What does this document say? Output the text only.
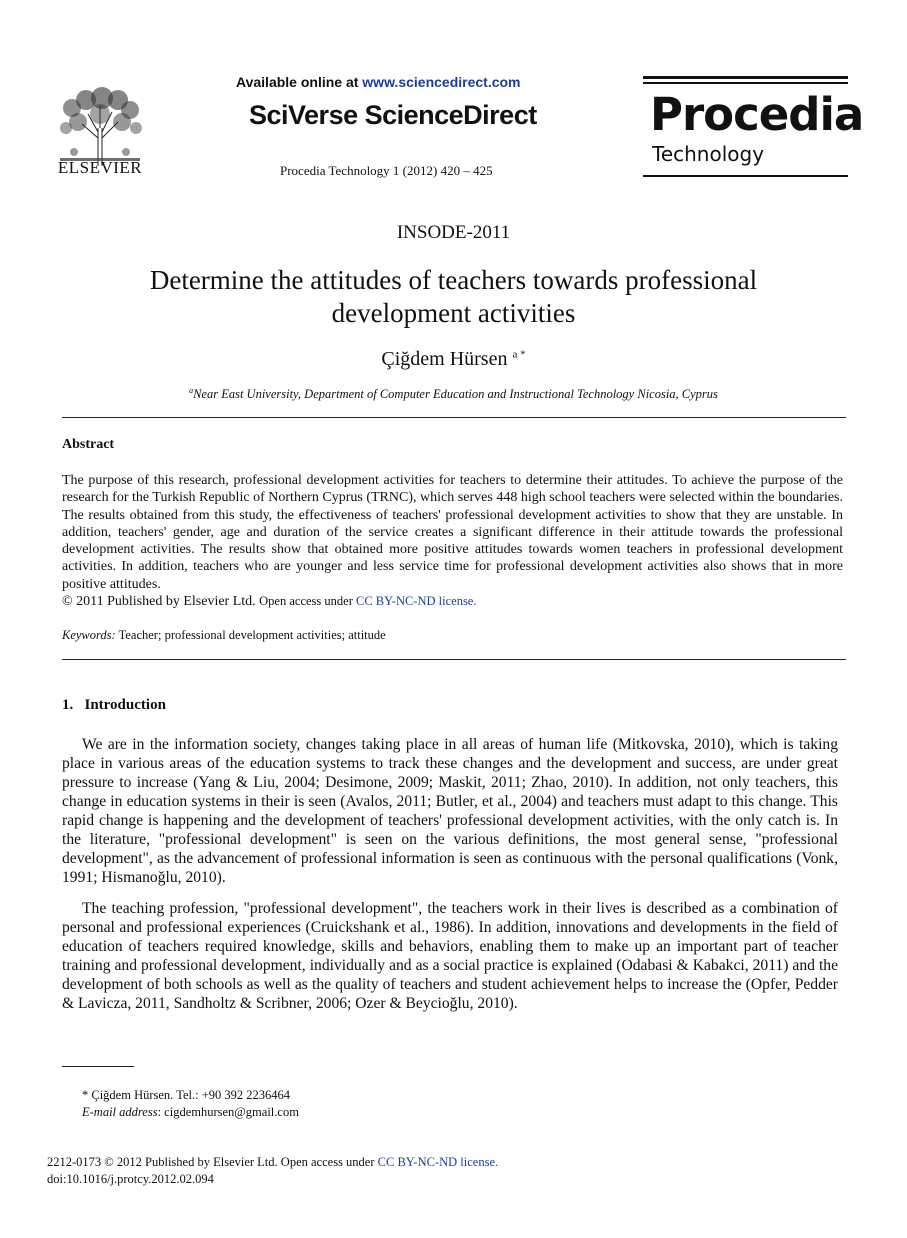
ELSEVIER
Available online at www.sciencedirect.com
SciVerse ScienceDirect
Procedia Technology 1 (2012) 420 – 425
Procedia
Technology
INSODE-2011
Determine the attitudes of teachers towards professional
development activities
Çiğdem Hürsen $^{a *}$
$^a$Near East University, Department of Computer Education and Instructional Technology Nicosia, Cyprus
Abstract
The purpose of this research, professional development activities for teachers to determine their attitudes. To achieve the purpose of the research for the Turkish Republic of Northern Cyprus (TRNC), which serves 448 high school teachers were selected within the boundaries. The results obtained from this study, the effectiveness of teachers' professional development activities to show that they are unstable. In addition, teachers' gender, age and duration of the service creates a significant difference in their attitude towards the professional development activities. The results show that obtained more positive attitudes towards women teachers in professional development activities. In addition, teachers who are younger and less service time for professional development activities also shows that in more positive attitudes.
© 2011 Published by Elsevier Ltd. Open access under CC BY-NC-ND license.
Keywords: Teacher; professional development activities; attitude
1.   Introduction
We are in the information society, changes taking place in all areas of human life (Mitkovska, 2010), which is taking place in various areas of the education systems to track these changes and the development and success, are under great pressure to increase (Yang & Liu, 2004; Desimone, 2009; Maskit, 2011; Zhao, 2010). In addition, not only teachers, this change in education systems in their is seen (Avalos, 2011; Butler, et al., 2004) and teachers must adapt to this change. This rapid change is happening and the development of teachers' professional development activities, with the only catch is. In the literature, "professional development" is seen on the various definitions, the most general sense, "professional development", as the advancement of professional information is seen as continuous with the personal qualifications (Vonk, 1991; Hismanoğlu, 2010).
The teaching profession, "professional development", the teachers work in their lives is described as a combination of personal and professional experiences (Cruickshank et al., 1986). In addition, innovations and developments in the field of education of teachers required knowledge, skills and behaviors, enabling them to make up an important part of teacher training and professional development, individually and as a social practice is explained (Odabasi & Kabakci, 2011) and the development of both schools as well as the quality of teachers and student achievement helps to increase the (Opfer, Pedder & Lavicza, 2011, Sandholtz & Scribner, 2006; Ozer & Beycioğlu, 2010).
* Çiğdem Hürsen. Tel.: +90 392 2236464
E-mail address: cigdemhursen@gmail.com
2212-0173 © 2012 Published by Elsevier Ltd. Open access under CC BY-NC-ND license.
doi:10.1016/j.protcy.2012.02.094
